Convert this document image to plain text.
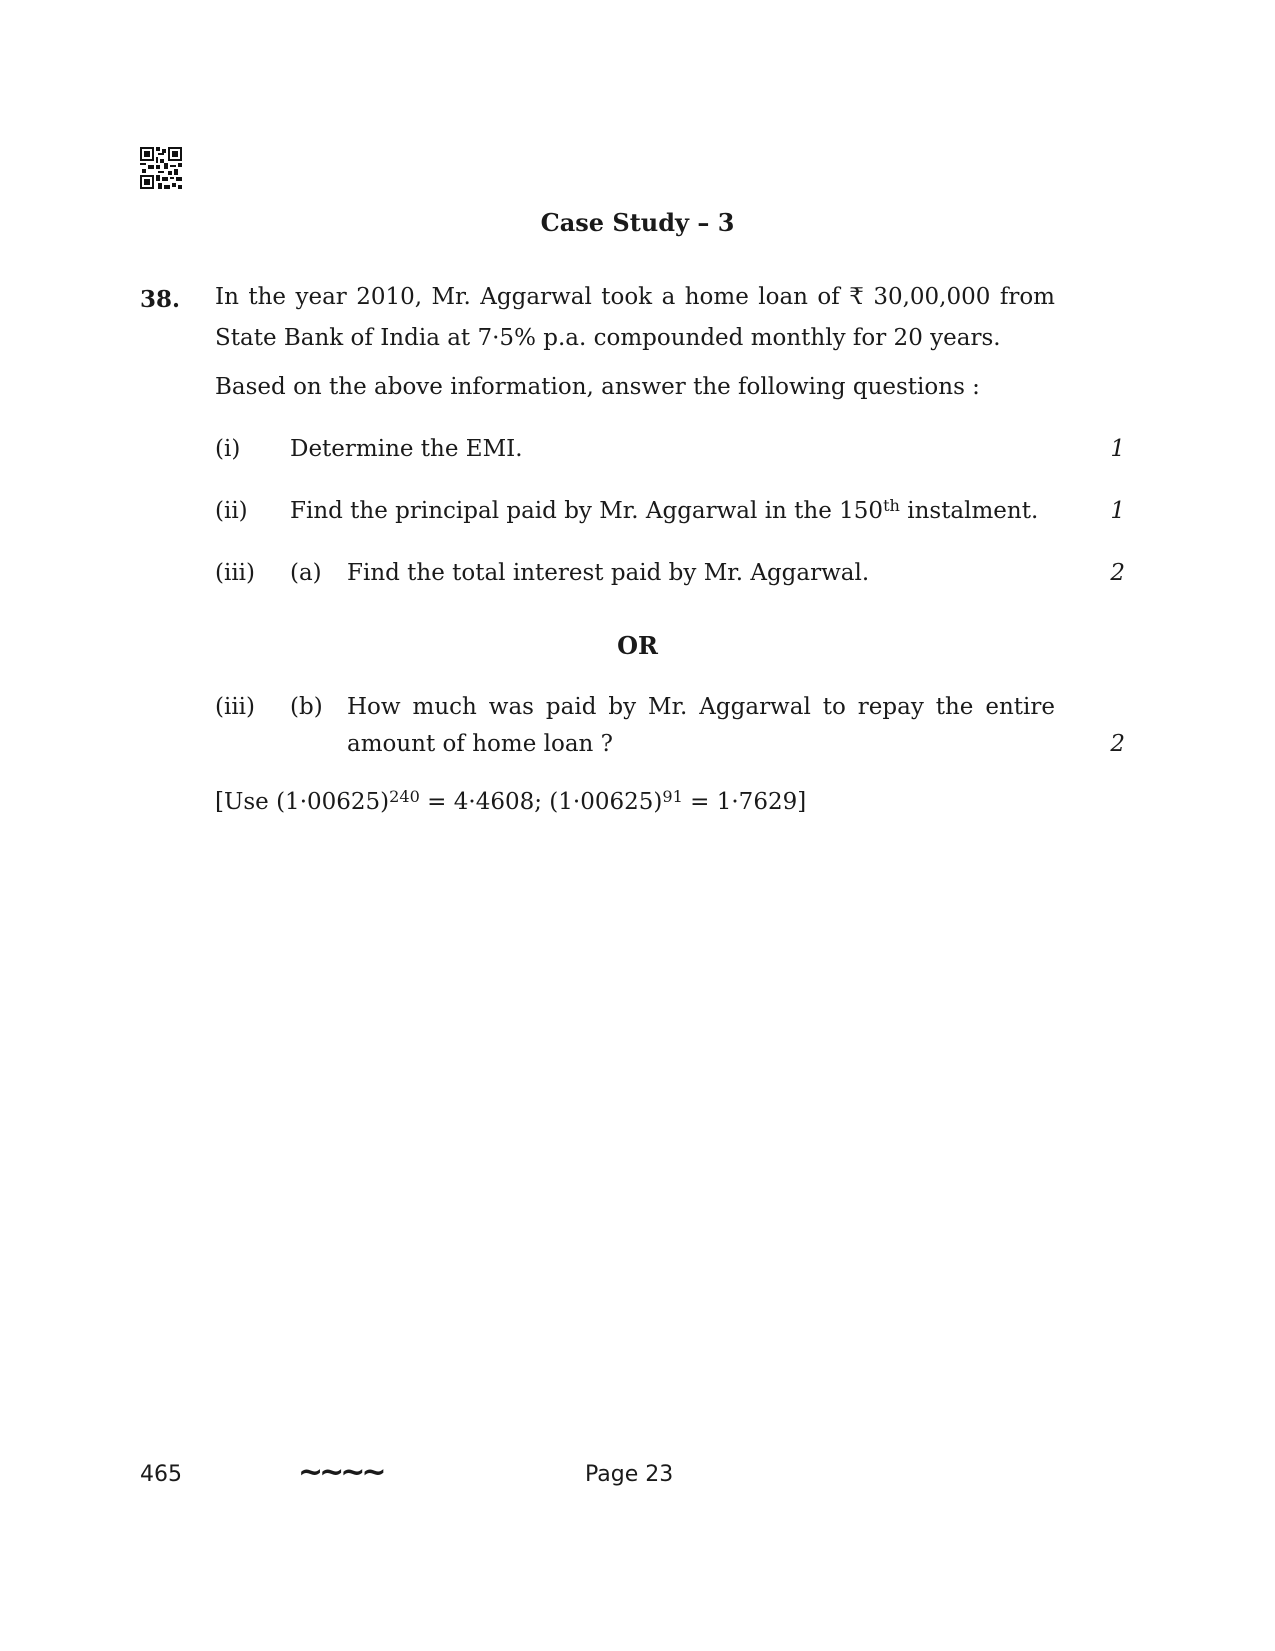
Case Study – 3
38. In the year 2010, Mr. Aggarwal took a home loan of ₹ 30,00,000 from
State Bank of India at 7·5% p.a. compounded monthly for 20 years.
Based on the above information, answer the following questions :
(i) Determine the EMI.	1
(ii) Find the principal paid by Mr. Aggarwal in the 150th instalment.	1
(iii) (a) Find the total interest paid by Mr. Aggarwal.	2
OR
(iii) (b) How much was paid by Mr. Aggarwal to repay the entire
amount of home loan ?	2
[Use $(1\cdot 00625)^{240} = 4\cdot 4608$; $(1\cdot 00625)^{91} = 1\cdot 7629$]
465	~~~~	Page 23
